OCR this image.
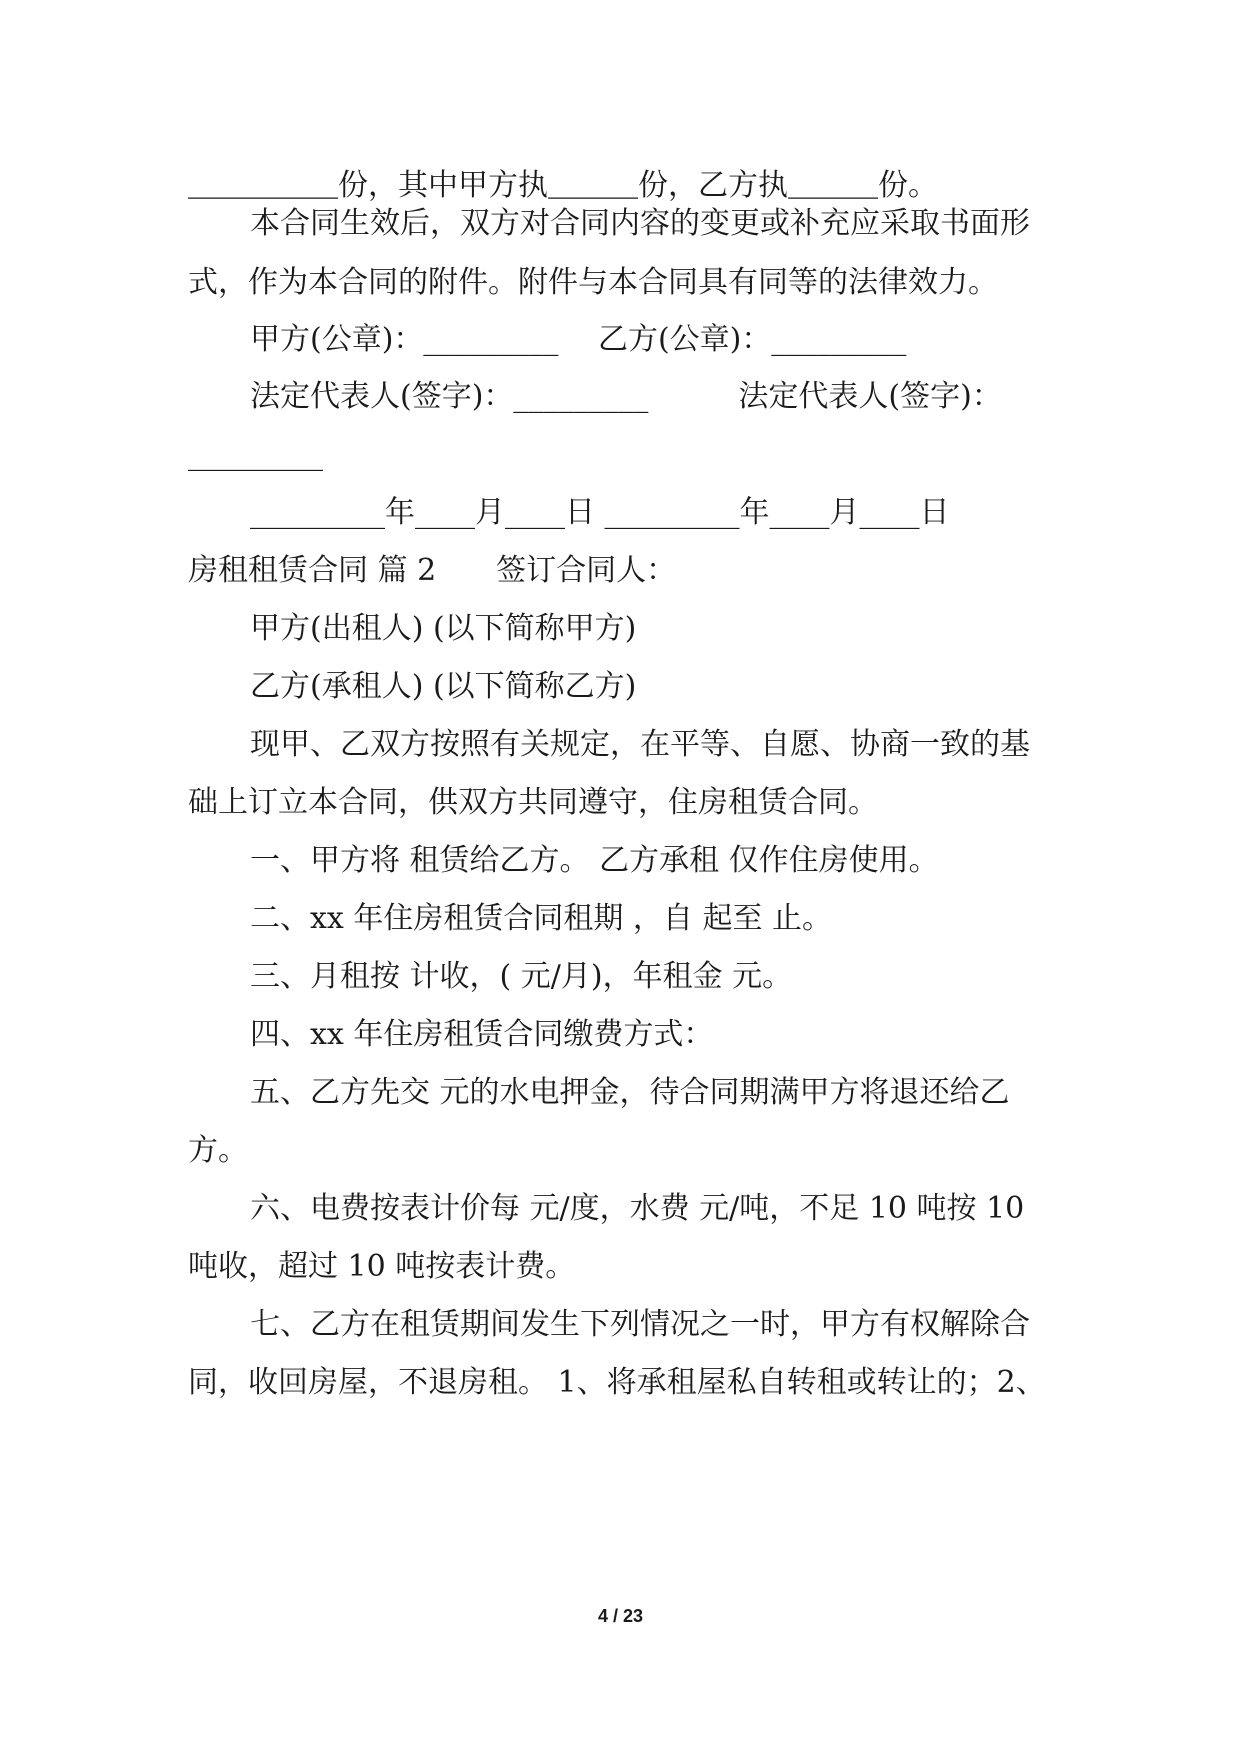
＿＿＿＿＿份，其中甲方执＿＿＿份，乙方执＿＿＿份。
本合同生效后，双方对合同内容的变更或补充应采取书面形
式，作为本合同的附件。附件与本合同具有同等的法律效力。
甲方(公章)：_________　 乙方(公章)：_________
法定代表人(签字)：_________　　　法定代表人(签字)：
_________
_________年____月____日 _________年____月____日
房租租赁合同 篇 2　　签订合同人：
甲方(出租人) (以下简称甲方)
乙方(承租人) (以下简称乙方)
现甲、乙双方按照有关规定，在平等、自愿、协商一致的基
础上订立本合同，供双方共同遵守，住房租赁合同。
一、甲方将 租赁给乙方。 乙方承租 仅作住房使用。
二、xx 年住房租赁合同租期 ，自 起至 止。
三、月租按 计收，( 元/月)，年租金 元。
四、xx 年住房租赁合同缴费方式：
五、乙方先交 元的水电押金，待合同期满甲方将退还给乙
方。
六、电费按表计价每 元/度，水费 元/吨，不足 10 吨按 10
吨收，超过 10 吨按表计费。
七、乙方在租赁期间发生下列情况之一时，甲方有权解除合
同，收回房屋，不退房租。 1、将承租屋私自转租或转让的；2、
4 / 23
